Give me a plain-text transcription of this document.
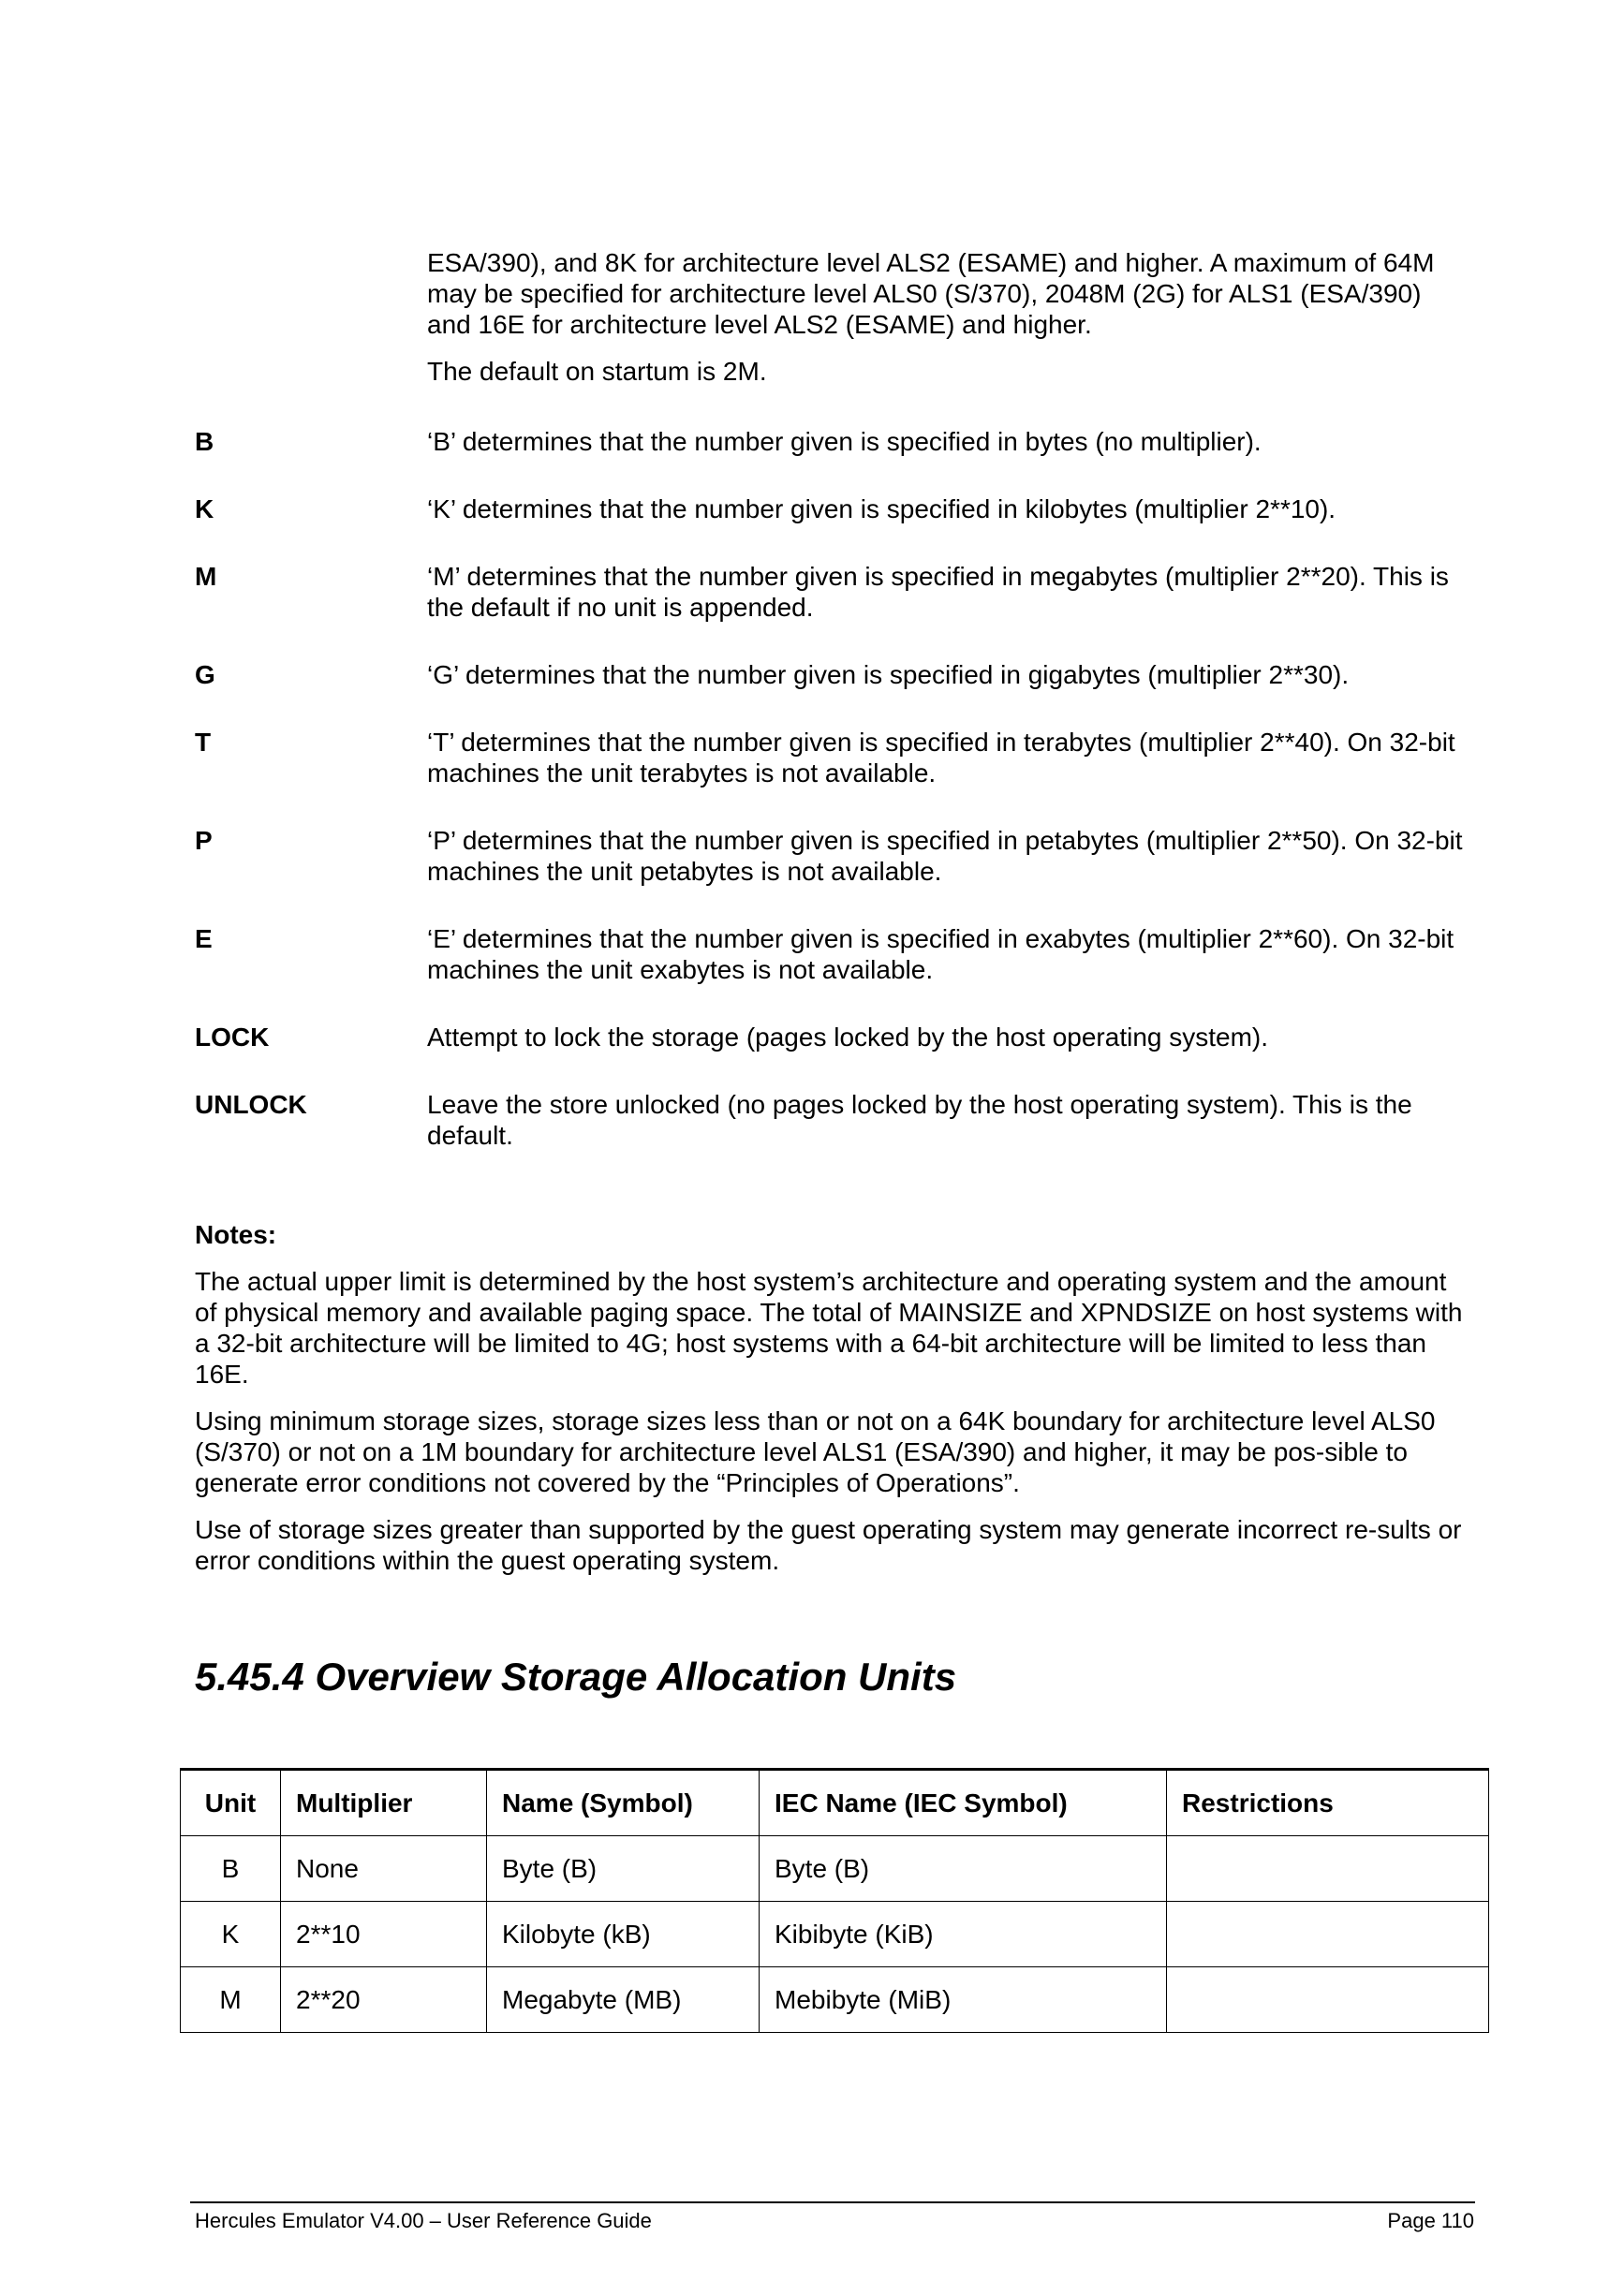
ESA/390), and 8K for architecture level ALS2 (ESAME) and higher. A maximum of 64M may be specified for architecture level ALS0 (S/370), 2048M (2G) for ALS1 (ESA/390) and 16E for architecture level ALS2 (ESAME) and higher.

The default on startum is 2M.

B	‘B’ determines that the number given is specified in bytes (no multiplier).
K	‘K’ determines that the number given is specified in kilobytes (multiplier 2**10).
M	‘M’ determines that the number given is specified in megabytes (multiplier 2**20). This is the default if no unit is appended.
G	‘G’ determines that the number given is specified in gigabytes (multiplier 2**30).
T	‘T’ determines that the number given is specified in terabytes (multiplier 2**40). On 32-bit machines the unit terabytes is not available.
P	‘P’ determines that the number given is specified in petabytes (multiplier 2**50). On 32-bit machines the unit petabytes is not available.
E	‘E’ determines that the number given is specified in exabytes (multiplier 2**60). On 32-bit machines the unit exabytes is not available.
LOCK	Attempt to lock the storage (pages locked by the host operating system).
UNLOCK	Leave the store unlocked (no pages locked by the host operating system). This is the default.

Notes:

The actual upper limit is determined by the host system’s architecture and operating system and the amount of physical memory and available paging space. The total of MAINSIZE and XPNDSIZE on host systems with a 32-bit architecture will be limited to 4G; host systems with a 64-bit architecture will be limited to less than 16E.

Using minimum storage sizes, storage sizes less than or not on a 64K boundary for architecture level ALS0 (S/370) or not on a 1M boundary for architecture level ALS1 (ESA/390) and higher, it may be pos-sible to generate error conditions not covered by the “Principles of Operations”.

Use of storage sizes greater than supported by the guest operating system may generate incorrect re-sults or error conditions within the guest operating system.

5.45.4 Overview Storage Allocation Units
Unit	Multiplier	Name (Symbol)	IEC Name (IEC Symbol)	Restrictions
B	None	Byte (B)	Byte (B)	
K	2**10	Kilobyte (kB)	Kibibyte (KiB)	
M	2**20	Megabyte (MB)	Mebibyte (MiB)	
Hercules Emulator V4.00 – User Reference Guide	Page 110
